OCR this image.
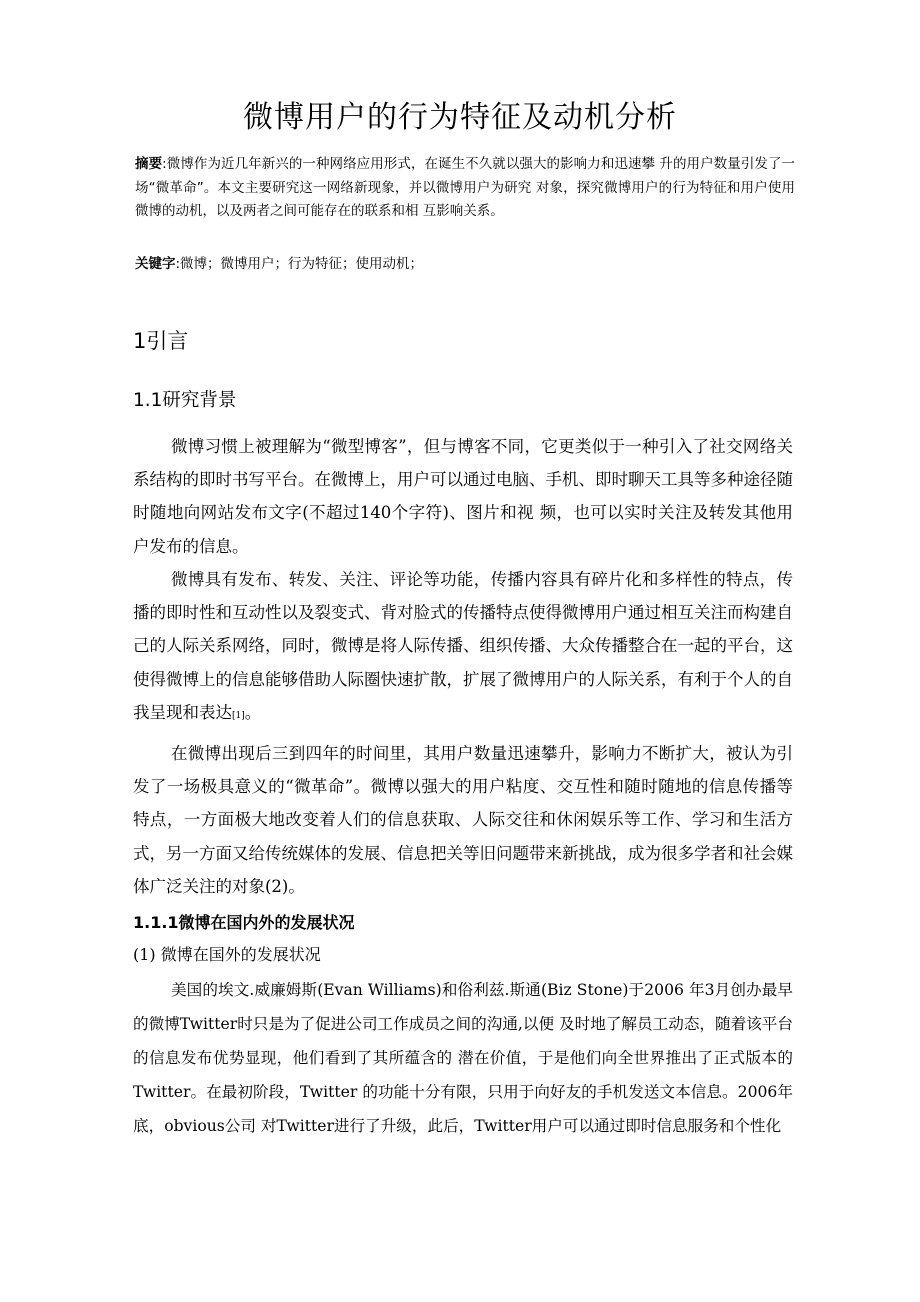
微博用户的行为特征及动机分析
摘要:微博作为近几年新兴的一种网络应用形式，在诞生不久就以强大的影响力和迅速攀 升的用户数量引发了一场“微革命”。本文主要研究这一网络新现象，并以微博用户为研究 对象，探究微博用户的行为特征和用户使用微博的动机，以及两者之间可能存在的联系和相 互影响关系。
关键字:微博；微博用户；行为特征；使用动机；
1引言
1.1研究背景
微博习惯上被理解为“微型博客”，但与博客不同，它更类似于一种引入了社交网络关系结构的即时书写平台。在微博上，用户可以通过电脑、手机、即时聊天工具等多种途径随时随地向网站发布文字(不超过140个字符)、图片和视 频，也可以实时关注及转发其他用户发布的信息。
微博具有发布、转发、关注、评论等功能，传播内容具有碎片化和多样性的特点，传播的即时性和互动性以及裂变式、背对脸式的传播特点使得微博用户通过相互关注而构建自己的人际关系网络，同时，微博是将人际传播、组织传播、大众传播整合在一起的平台，这使得微博上的信息能够借助人际圈快速扩散，扩展了微博用户的人际关系，有利于个人的自我呈现和表达[1]。
在微博出现后三到四年的时间里，其用户数量迅速攀升，影响力不断扩大，被认为引发了一场极具意义的“微革命”。微博以强大的用户粘度、交互性和随时随地的信息传播等特点，一方面极大地改变着人们的信息获取、人际交往和休闲娱乐等工作、学习和生活方式，另一方面又给传统媒体的发展、信息把关等旧问题带来新挑战，成为很多学者和社会媒体广泛关注的对象(2)。
1.1.1微博在国内外的发展状况
(1) 微博在国外的发展状况
美国的埃文.威廉姆斯(Evan Williams)和俗利兹.斯通(Biz Stone)于2006 年3月创办最早的微博Twitter时只是为了促进公司工作成员之间的沟通,以便 及时地了解员工动态，随着该平台的信息发布优势显现，他们看到了其所蕴含的 潜在价值，于是他们向全世界推出了正式版本的Twitter。在最初阶段，Twitter 的功能十分有限，只用于向好友的手机发送文本信息。2006年底，obvious公司 对Twitter进行了升级，此后，Twitter用户可以通过即时信息服务和个性化
